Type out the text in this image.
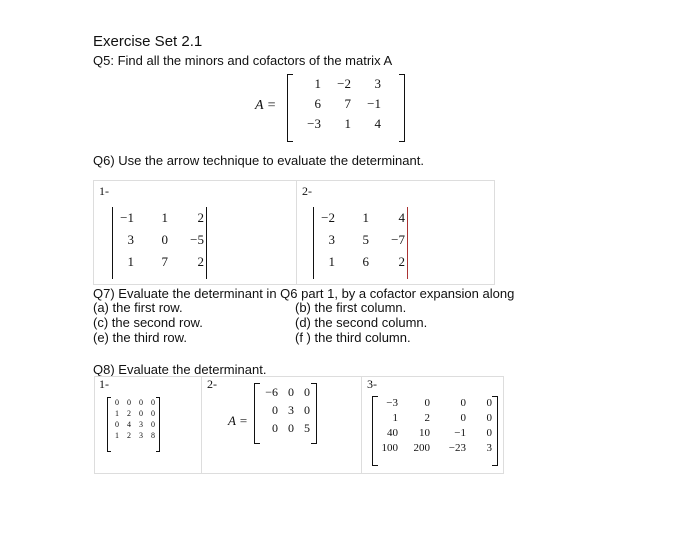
Exercise Set 2.1
Q5: Find all the minors and cofactors of the matrix A
A =
1	−2	3
6	7	−1
−3	1	4
Q6) Use the arrow technique to evaluate the determinant.
1-	2-
−1	1	2
3	0	−5
1	7	2
−2	1	4
3	5	−7
1	6	2
Q7) Evaluate the determinant in Q6 part 1, by a cofactor expansion along
(a) the first row.	(b) the first column.
(c) the second row.	(d) the second column.
(e) the third row.	(f ) the third column.
Q8) Evaluate the determinant.
1-	2-	3-
0	0	0	0
1	2	0	0
0	4	3	0
1	2	3	8
A =
−6 0 0
0 3 0
0 0 5
−3	0	0	0
1	2	0	0
40	10	−1	0
100	200	−23	3
